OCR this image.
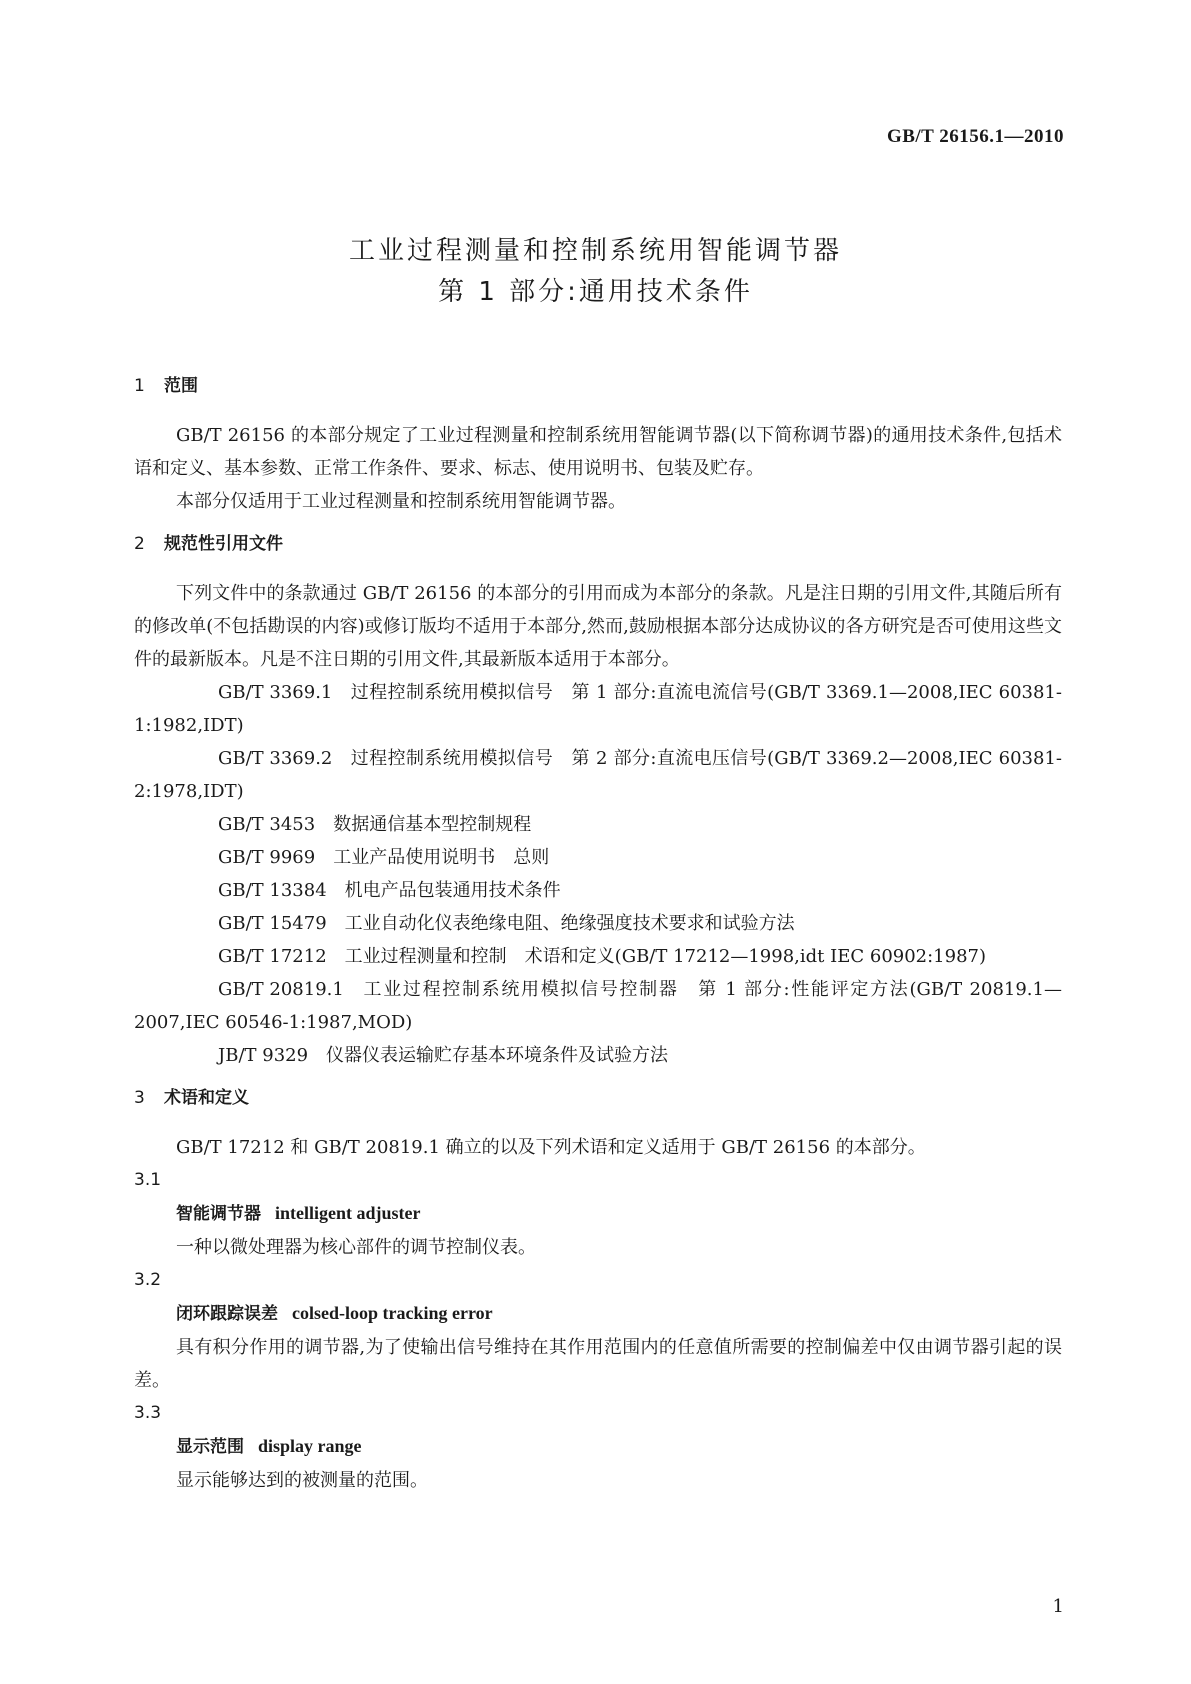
GB/T 26156.1—2010
工业过程测量和控制系统用智能调节器
第 1 部分:通用技术条件
1 范围

GB/T 26156 的本部分规定了工业过程测量和控制系统用智能调节器(以下简称调节器)的通用技术条件,包括术语和定义、基本参数、正常工作条件、要求、标志、使用说明书、包装及贮存。

本部分仅适用于工业过程测量和控制系统用智能调节器。

2 规范性引用文件

下列文件中的条款通过 GB/T 26156 的本部分的引用而成为本部分的条款。凡是注日期的引用文件,其随后所有的修改单(不包括勘误的内容)或修订版均不适用于本部分,然而,鼓励根据本部分达成协议的各方研究是否可使用这些文件的最新版本。凡是不注日期的引用文件,其最新版本适用于本部分。

GB/T 3369.1 过程控制系统用模拟信号　第 1 部分:直流电流信号(GB/T 3369.1—2008,IEC 60381-1:1982,IDT)

GB/T 3369.2 过程控制系统用模拟信号　第 2 部分:直流电压信号(GB/T 3369.2—2008,IEC 60381-2:1978,IDT)

GB/T 3453 数据通信基本型控制规程

GB/T 9969 工业产品使用说明书　总则

GB/T 13384 机电产品包装通用技术条件

GB/T 15479 工业自动化仪表绝缘电阻、绝缘强度技术要求和试验方法

GB/T 17212 工业过程测量和控制　术语和定义(GB/T 17212—1998,idt IEC 60902:1987)

GB/T 20819.1 工业过程控制系统用模拟信号控制器　第 1 部分:性能评定方法(GB/T 20819.1—2007,IEC 60546-1:1987,MOD)

JB/T 9329 仪器仪表运输贮存基本环境条件及试验方法

3 术语和定义

GB/T 17212 和 GB/T 20819.1 确立的以及下列术语和定义适用于 GB/T 26156 的本部分。

3.1

智能调节器 intelligent adjuster

一种以微处理器为核心部件的调节控制仪表。

3.2

闭环跟踪误差 colsed-loop tracking error

具有积分作用的调节器,为了使输出信号维持在其作用范围内的任意值所需要的控制偏差中仅由调节器引起的误差。

3.3

显示范围 display range

显示能够达到的被测量的范围。

1
